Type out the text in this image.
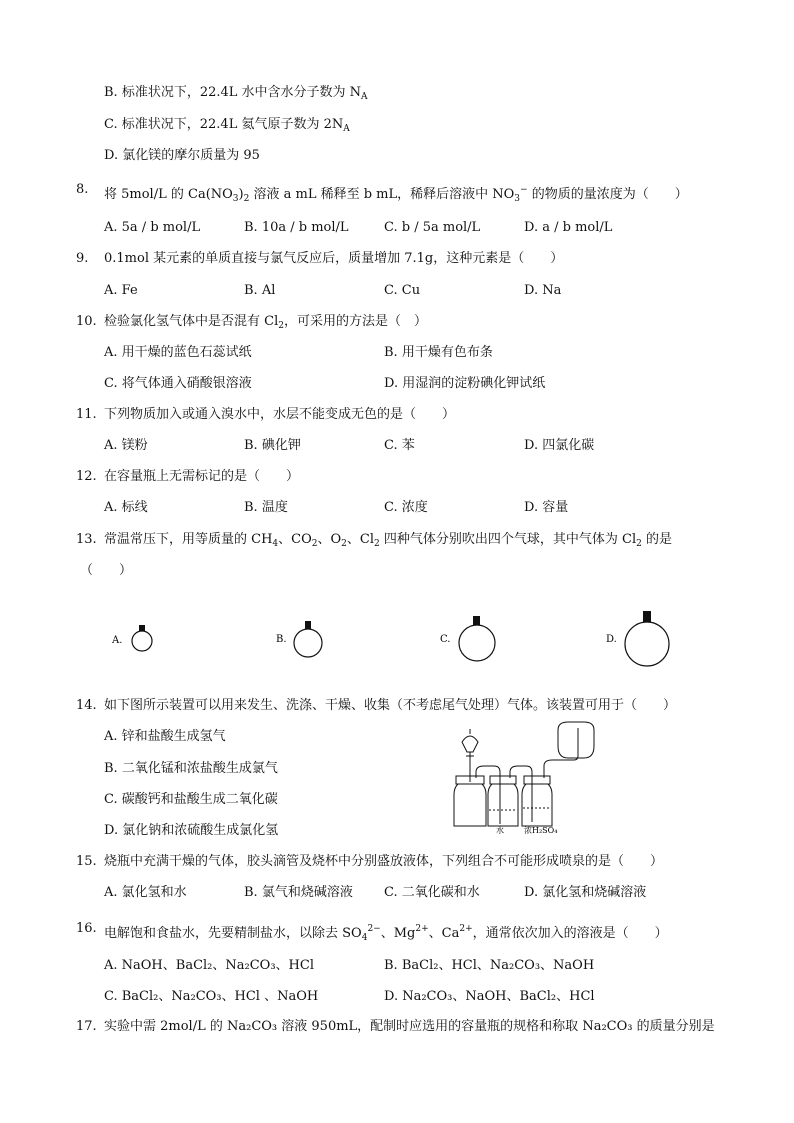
B. 标准状况下，22.4L 水中含水分子数为 $N_A$
C. 标准状况下，22.4L 氦气原子数为 $2N_A$
D. 氯化镁的摩尔质量为 95
8. 将 5mol/L 的 $Ca(NO_3)_2$ 溶液 a mL 稀释至 b mL，稀释后溶液中 $NO_3^-$ 的物质的量浓度为（　　）
A. 5a / b mol/L	B. 10a / b mol/L	C. b / 5a mol/L	D. a / b mol/L
9. 0.1mol 某元素的单质直接与氯气反应后，质量增加 7.1g，这种元素是（　　）
A. Fe	B. Al	C. Cu	D. Na
10. 检验氯化氢气体中是否混有 $Cl_2$，可采用的方法是（　）
A. 用干燥的蓝色石蕊试纸	B. 用干燥有色布条
C. 将气体通入硝酸银溶液	D. 用湿润的淀粉碘化钾试纸
11. 下列物质加入或通入溴水中，水层不能变成无色的是（　　）
A. 镁粉	B. 碘化钾	C. 苯	D. 四氯化碳
12. 在容量瓶上无需标记的是（　　）
A. 标线	B. 温度	C. 浓度	D. 容量
13. 常温常压下，用等质量的 $CH_4$、$CO_2$、$O_2$、$Cl_2$ 四种气体分别吹出四个气球，其中气体为 $Cl_2$ 的是
（　　）
A.	B.	C.	D.
14. 如下图所示装置可以用来发生、洗涤、干燥、收集（不考虑尾气处理）气体。该装置可用于（　　）
A. 锌和盐酸生成氢气
B. 二氧化锰和浓盐酸生成氯气
C. 碳酸钙和盐酸生成二氧化碳
D. 氯化钠和浓硫酸生成氯化氢	水	浓H₂SO₄
15. 烧瓶中充满干燥的气体，胶头滴管及烧杯中分别盛放液体，下列组合不可能形成喷泉的是（　　）
A. 氯化氢和水	B. 氯气和烧碱溶液 C. 二氧化碳和水	D. 氯化氢和烧碱溶液
16. 电解饱和食盐水，先要精制盐水，以除去 $SO_4^{2-}$、$Mg^{2+}$、$Ca^{2+}$，通常依次加入的溶液是（　　）
A. NaOH、BaCl₂、Na₂CO₃、HCl	B. BaCl₂、HCl、Na₂CO₃、NaOH
C. BaCl₂、Na₂CO₃、HCl 、NaOH	D. Na₂CO₃、NaOH、BaCl₂、HCl
17. 实验中需 2mol/L 的 Na₂CO₃ 溶液 950mL，配制时应选用的容量瓶的规格和称取 Na₂CO₃ 的质量分别是
